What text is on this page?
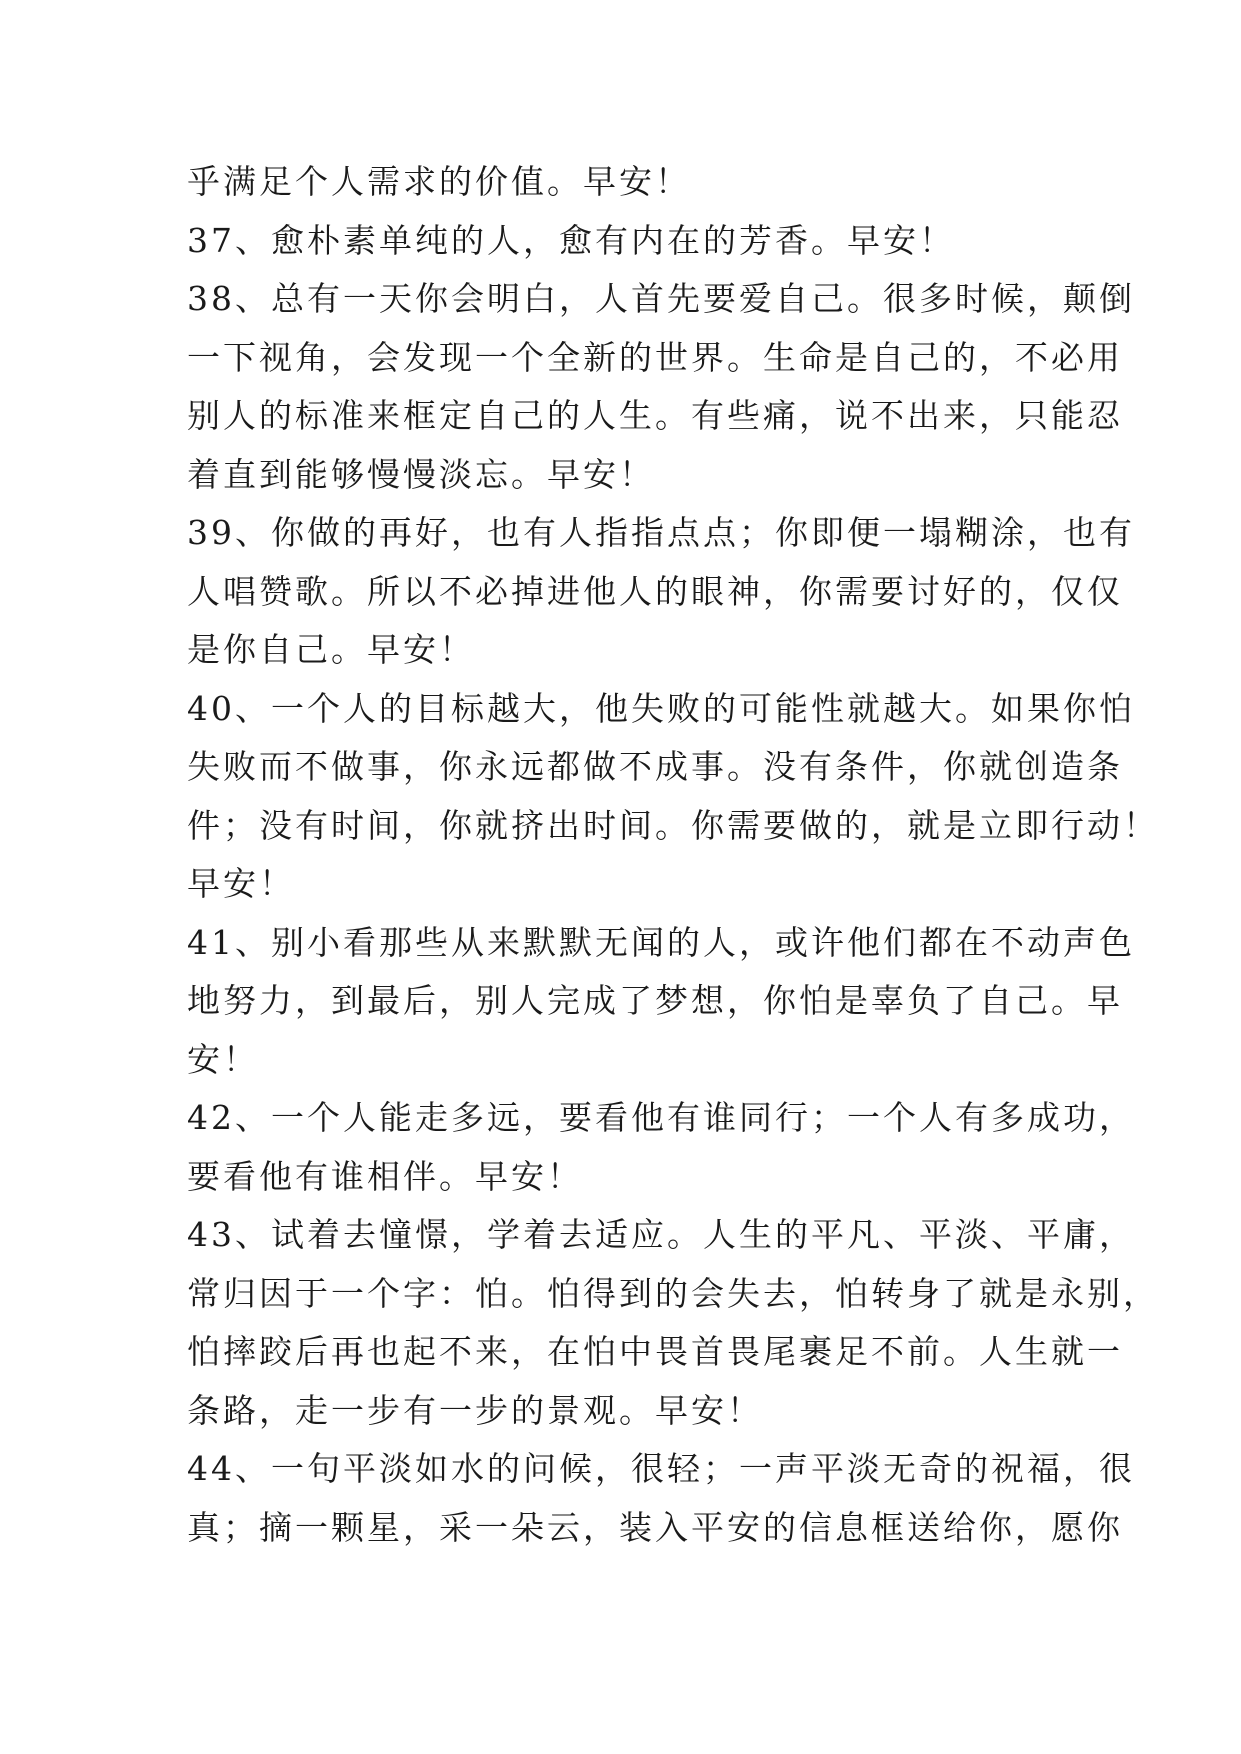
乎满足个人需求的价值。早安！
37、愈朴素单纯的人，愈有内在的芳香。早安！
38、总有一天你会明白，人首先要爱自己。很多时候，颠倒
一下视角，会发现一个全新的世界。生命是自己的，不必用
别人的标准来框定自己的人生。有些痛，说不出来，只能忍
着直到能够慢慢淡忘。早安！
39、你做的再好，也有人指指点点；你即便一塌糊涂，也有
人唱赞歌。所以不必掉进他人的眼神，你需要讨好的，仅仅
是你自己。早安！
40、一个人的目标越大，他失败的可能性就越大。如果你怕
失败而不做事，你永远都做不成事。没有条件，你就创造条
件；没有时间，你就挤出时间。你需要做的，就是立即行动！
早安！
41、别小看那些从来默默无闻的人，或许他们都在不动声色
地努力，到最后，别人完成了梦想，你怕是辜负了自己。早
安！
42、一个人能走多远，要看他有谁同行；一个人有多成功，
要看他有谁相伴。早安！
43、试着去憧憬，学着去适应。人生的平凡、平淡、平庸，
常归因于一个字：怕。怕得到的会失去，怕转身了就是永别，
怕摔跤后再也起不来，在怕中畏首畏尾裹足不前。人生就一
条路，走一步有一步的景观。早安！
44、一句平淡如水的问候，很轻；一声平淡无奇的祝福，很
真；摘一颗星，采一朵云，装入平安的信息框送给你，愿你
